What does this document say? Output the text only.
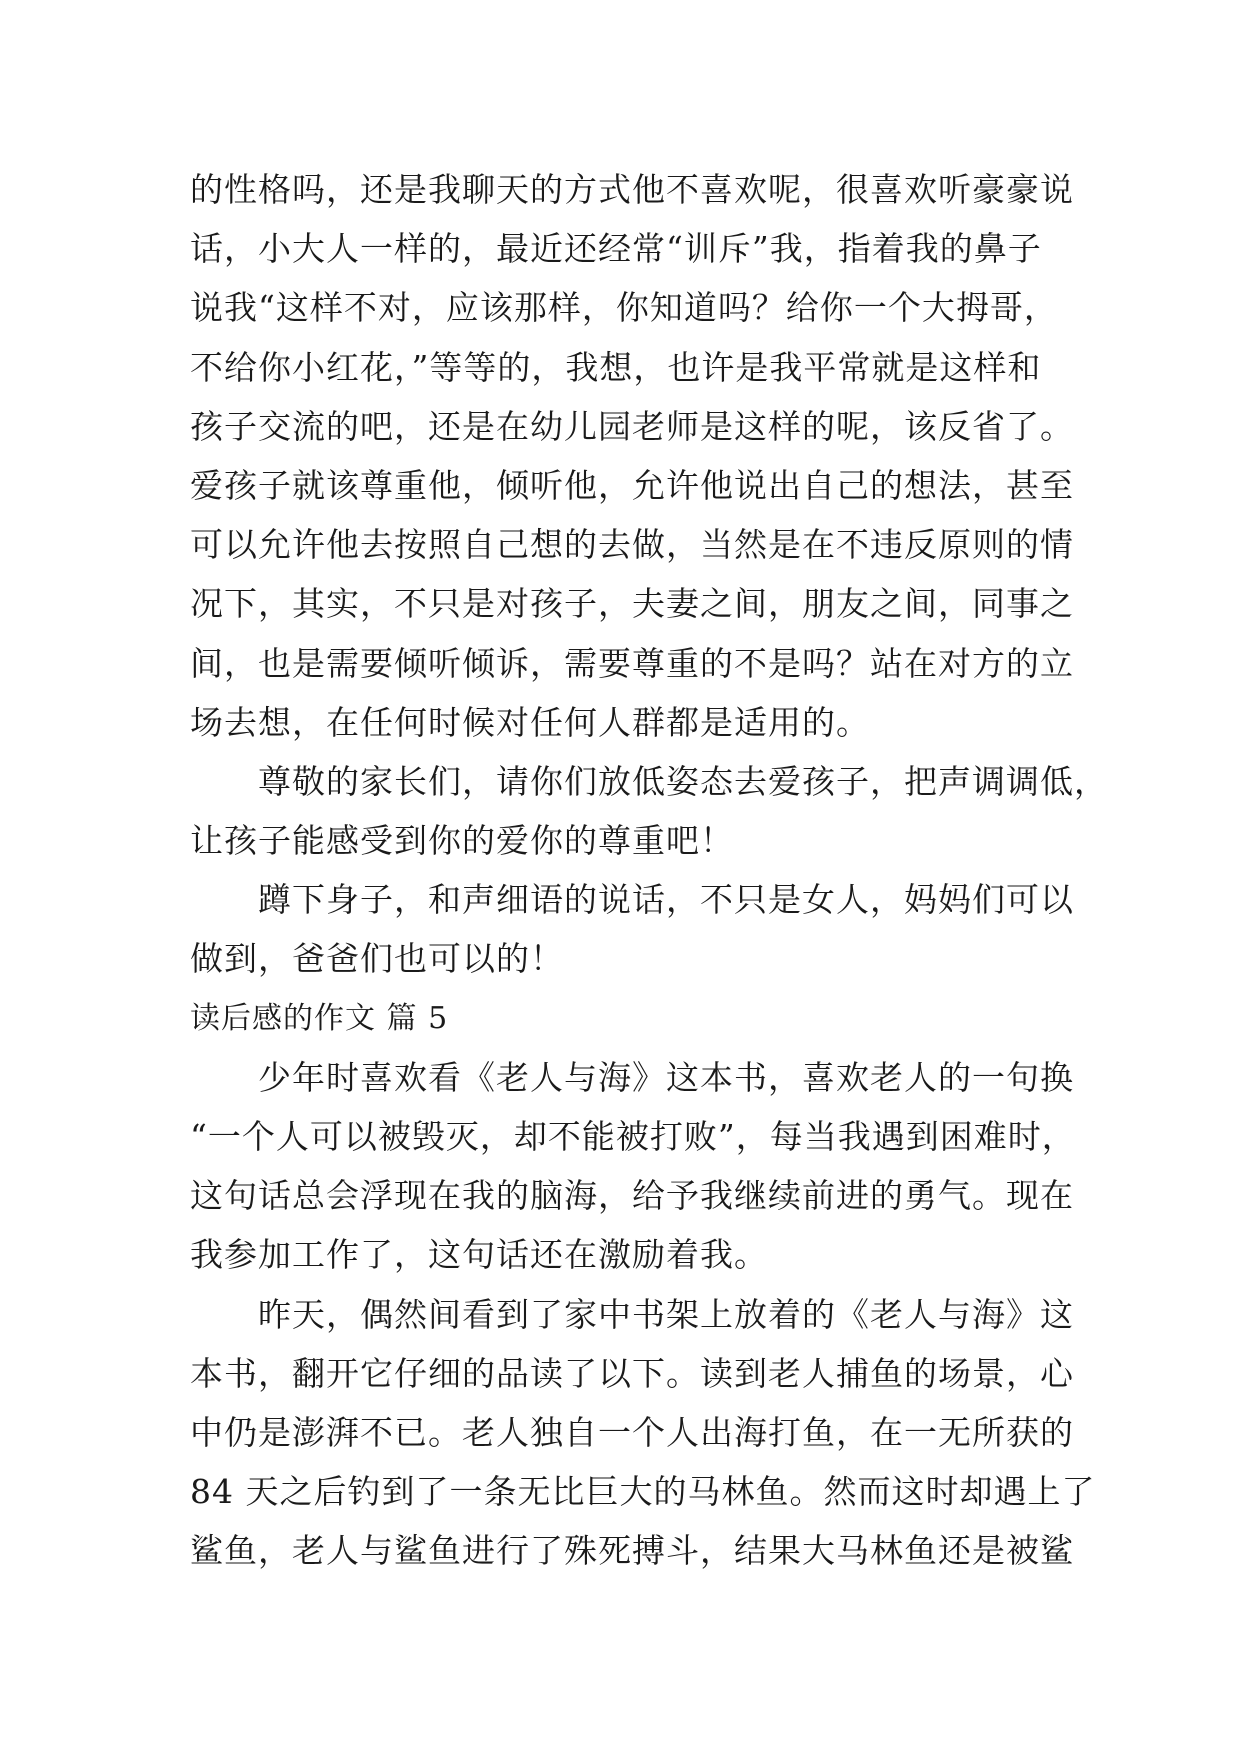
的性格吗，还是我聊天的方式他不喜欢呢，很喜欢听豪豪说
话，小大人一样的，最近还经常“训斥”我，指着我的鼻子
说我“这样不对，应该那样，你知道吗？给你一个大拇哥，
不给你小红花，”等等的，我想，也许是我平常就是这样和
孩子交流的吧，还是在幼儿园老师是这样的呢，该反省了。
爱孩子就该尊重他，倾听他，允许他说出自己的想法，甚至
可以允许他去按照自己想的去做，当然是在不违反原则的情
况下，其实，不只是对孩子，夫妻之间，朋友之间，同事之
间，也是需要倾听倾诉，需要尊重的不是吗？站在对方的立
场去想，在任何时候对任何人群都是适用的。
尊敬的家长们，请你们放低姿态去爱孩子，把声调调低，
让孩子能感受到你的爱你的尊重吧！
蹲下身子，和声细语的说话，不只是女人，妈妈们可以
做到，爸爸们也可以的！
读后感的作文 篇 5
少年时喜欢看《老人与海》这本书，喜欢老人的一句换
“一个人可以被毁灭，却不能被打败”，每当我遇到困难时，
这句话总会浮现在我的脑海，给予我继续前进的勇气。现在
我参加工作了，这句话还在激励着我。
昨天，偶然间看到了家中书架上放着的《老人与海》这
本书，翻开它仔细的品读了以下。读到老人捕鱼的场景，心
中仍是澎湃不已。老人独自一个人出海打鱼，在一无所获的
84 天之后钓到了一条无比巨大的马林鱼。然而这时却遇上了
鲨鱼，老人与鲨鱼进行了殊死搏斗，结果大马林鱼还是被鲨
